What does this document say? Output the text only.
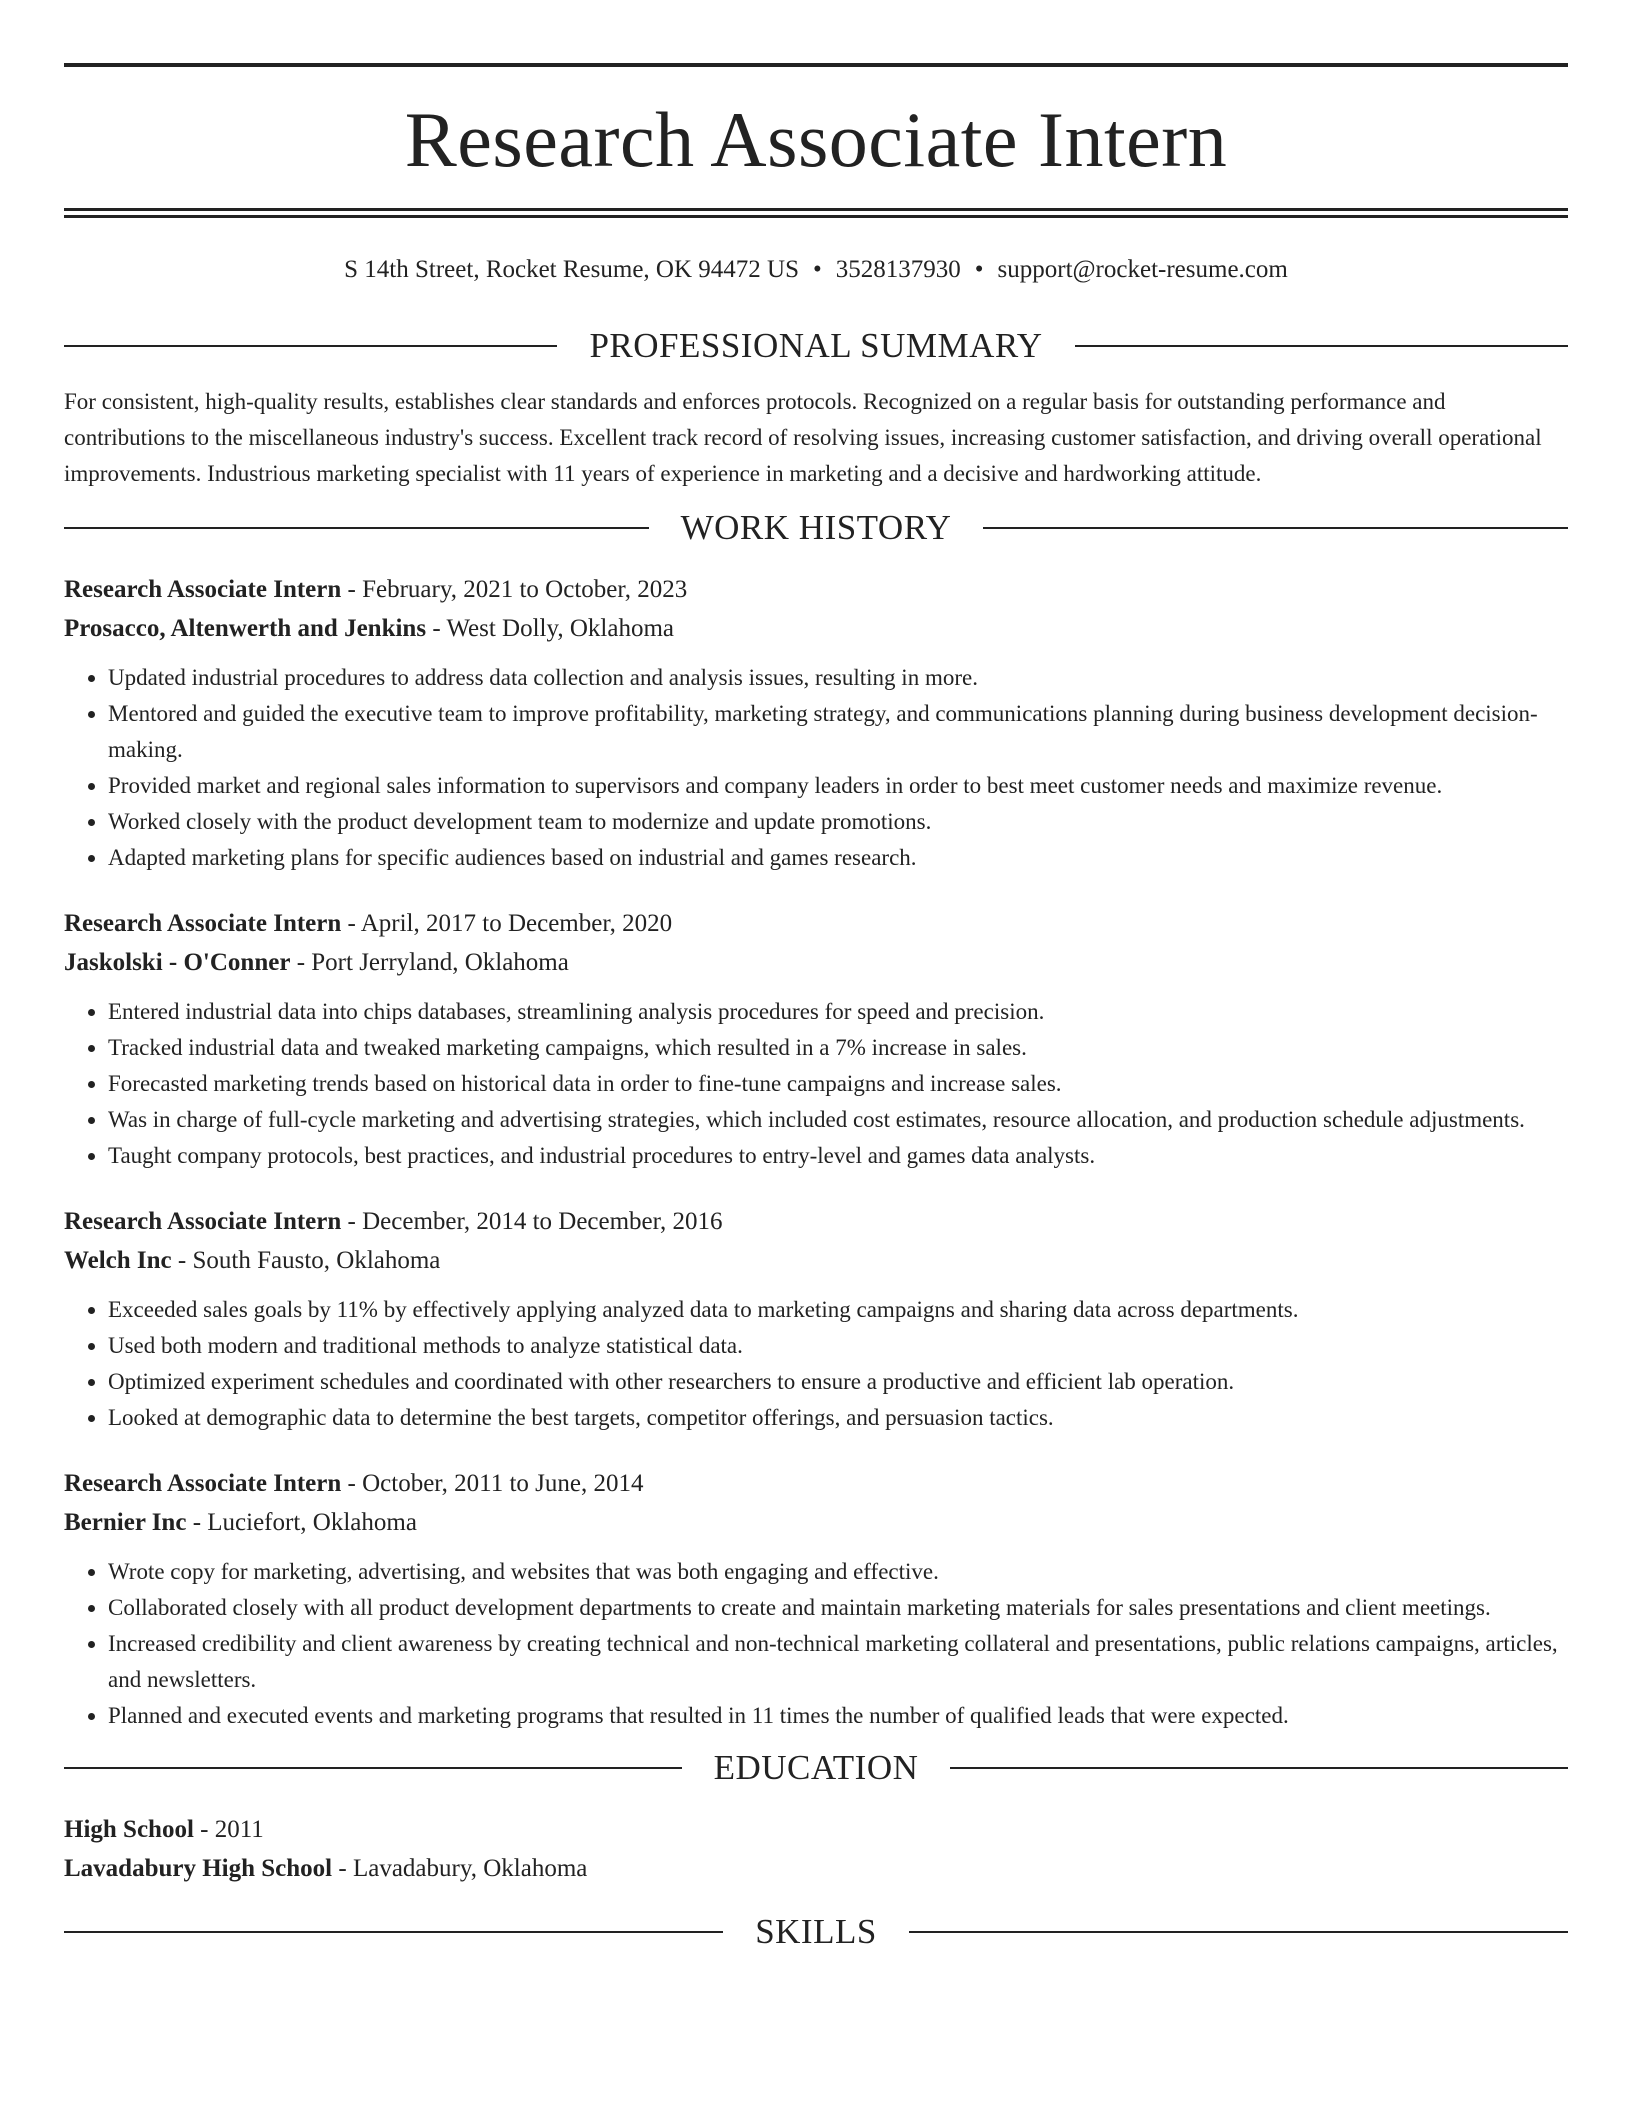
Research Associate Intern
S 14th Street, Rocket Resume, OK 94472 US • 3528137930 • support@rocket-resume.com
PROFESSIONAL SUMMARY
For consistent, high-quality results, establishes clear standards and enforces protocols. Recognized on a regular basis for outstanding performance and contributions to the miscellaneous industry's success. Excellent track record of resolving issues, increasing customer satisfaction, and driving overall operational improvements. Industrious marketing specialist with 11 years of experience in marketing and a decisive and hardworking attitude.
WORK HISTORY
Research Associate Intern - February, 2021 to October, 2023
Prosacco, Altenwerth and Jenkins - West Dolly, Oklahoma
• Updated industrial procedures to address data collection and analysis issues, resulting in more.
• Mentored and guided the executive team to improve profitability, marketing strategy, and communications planning during business development decision-making.
• Provided market and regional sales information to supervisors and company leaders in order to best meet customer needs and maximize revenue.
• Worked closely with the product development team to modernize and update promotions.
• Adapted marketing plans for specific audiences based on industrial and games research.
Research Associate Intern - April, 2017 to December, 2020
Jaskolski - O'Conner - Port Jerryland, Oklahoma
• Entered industrial data into chips databases, streamlining analysis procedures for speed and precision.
• Tracked industrial data and tweaked marketing campaigns, which resulted in a 7% increase in sales.
• Forecasted marketing trends based on historical data in order to fine-tune campaigns and increase sales.
• Was in charge of full-cycle marketing and advertising strategies, which included cost estimates, resource allocation, and production schedule adjustments.
• Taught company protocols, best practices, and industrial procedures to entry-level and games data analysts.
Research Associate Intern - December, 2014 to December, 2016
Welch Inc - South Fausto, Oklahoma
• Exceeded sales goals by 11% by effectively applying analyzed data to marketing campaigns and sharing data across departments.
• Used both modern and traditional methods to analyze statistical data.
• Optimized experiment schedules and coordinated with other researchers to ensure a productive and efficient lab operation.
• Looked at demographic data to determine the best targets, competitor offerings, and persuasion tactics.
Research Associate Intern - October, 2011 to June, 2014
Bernier Inc - Luciefort, Oklahoma
• Wrote copy for marketing, advertising, and websites that was both engaging and effective.
• Collaborated closely with all product development departments to create and maintain marketing materials for sales presentations and client meetings.
• Increased credibility and client awareness by creating technical and non-technical marketing collateral and presentations, public relations campaigns, articles, and newsletters.
• Planned and executed events and marketing programs that resulted in 11 times the number of qualified leads that were expected.
EDUCATION
High School - 2011
Lavadabury High School - Lavadabury, Oklahoma
SKILLS
